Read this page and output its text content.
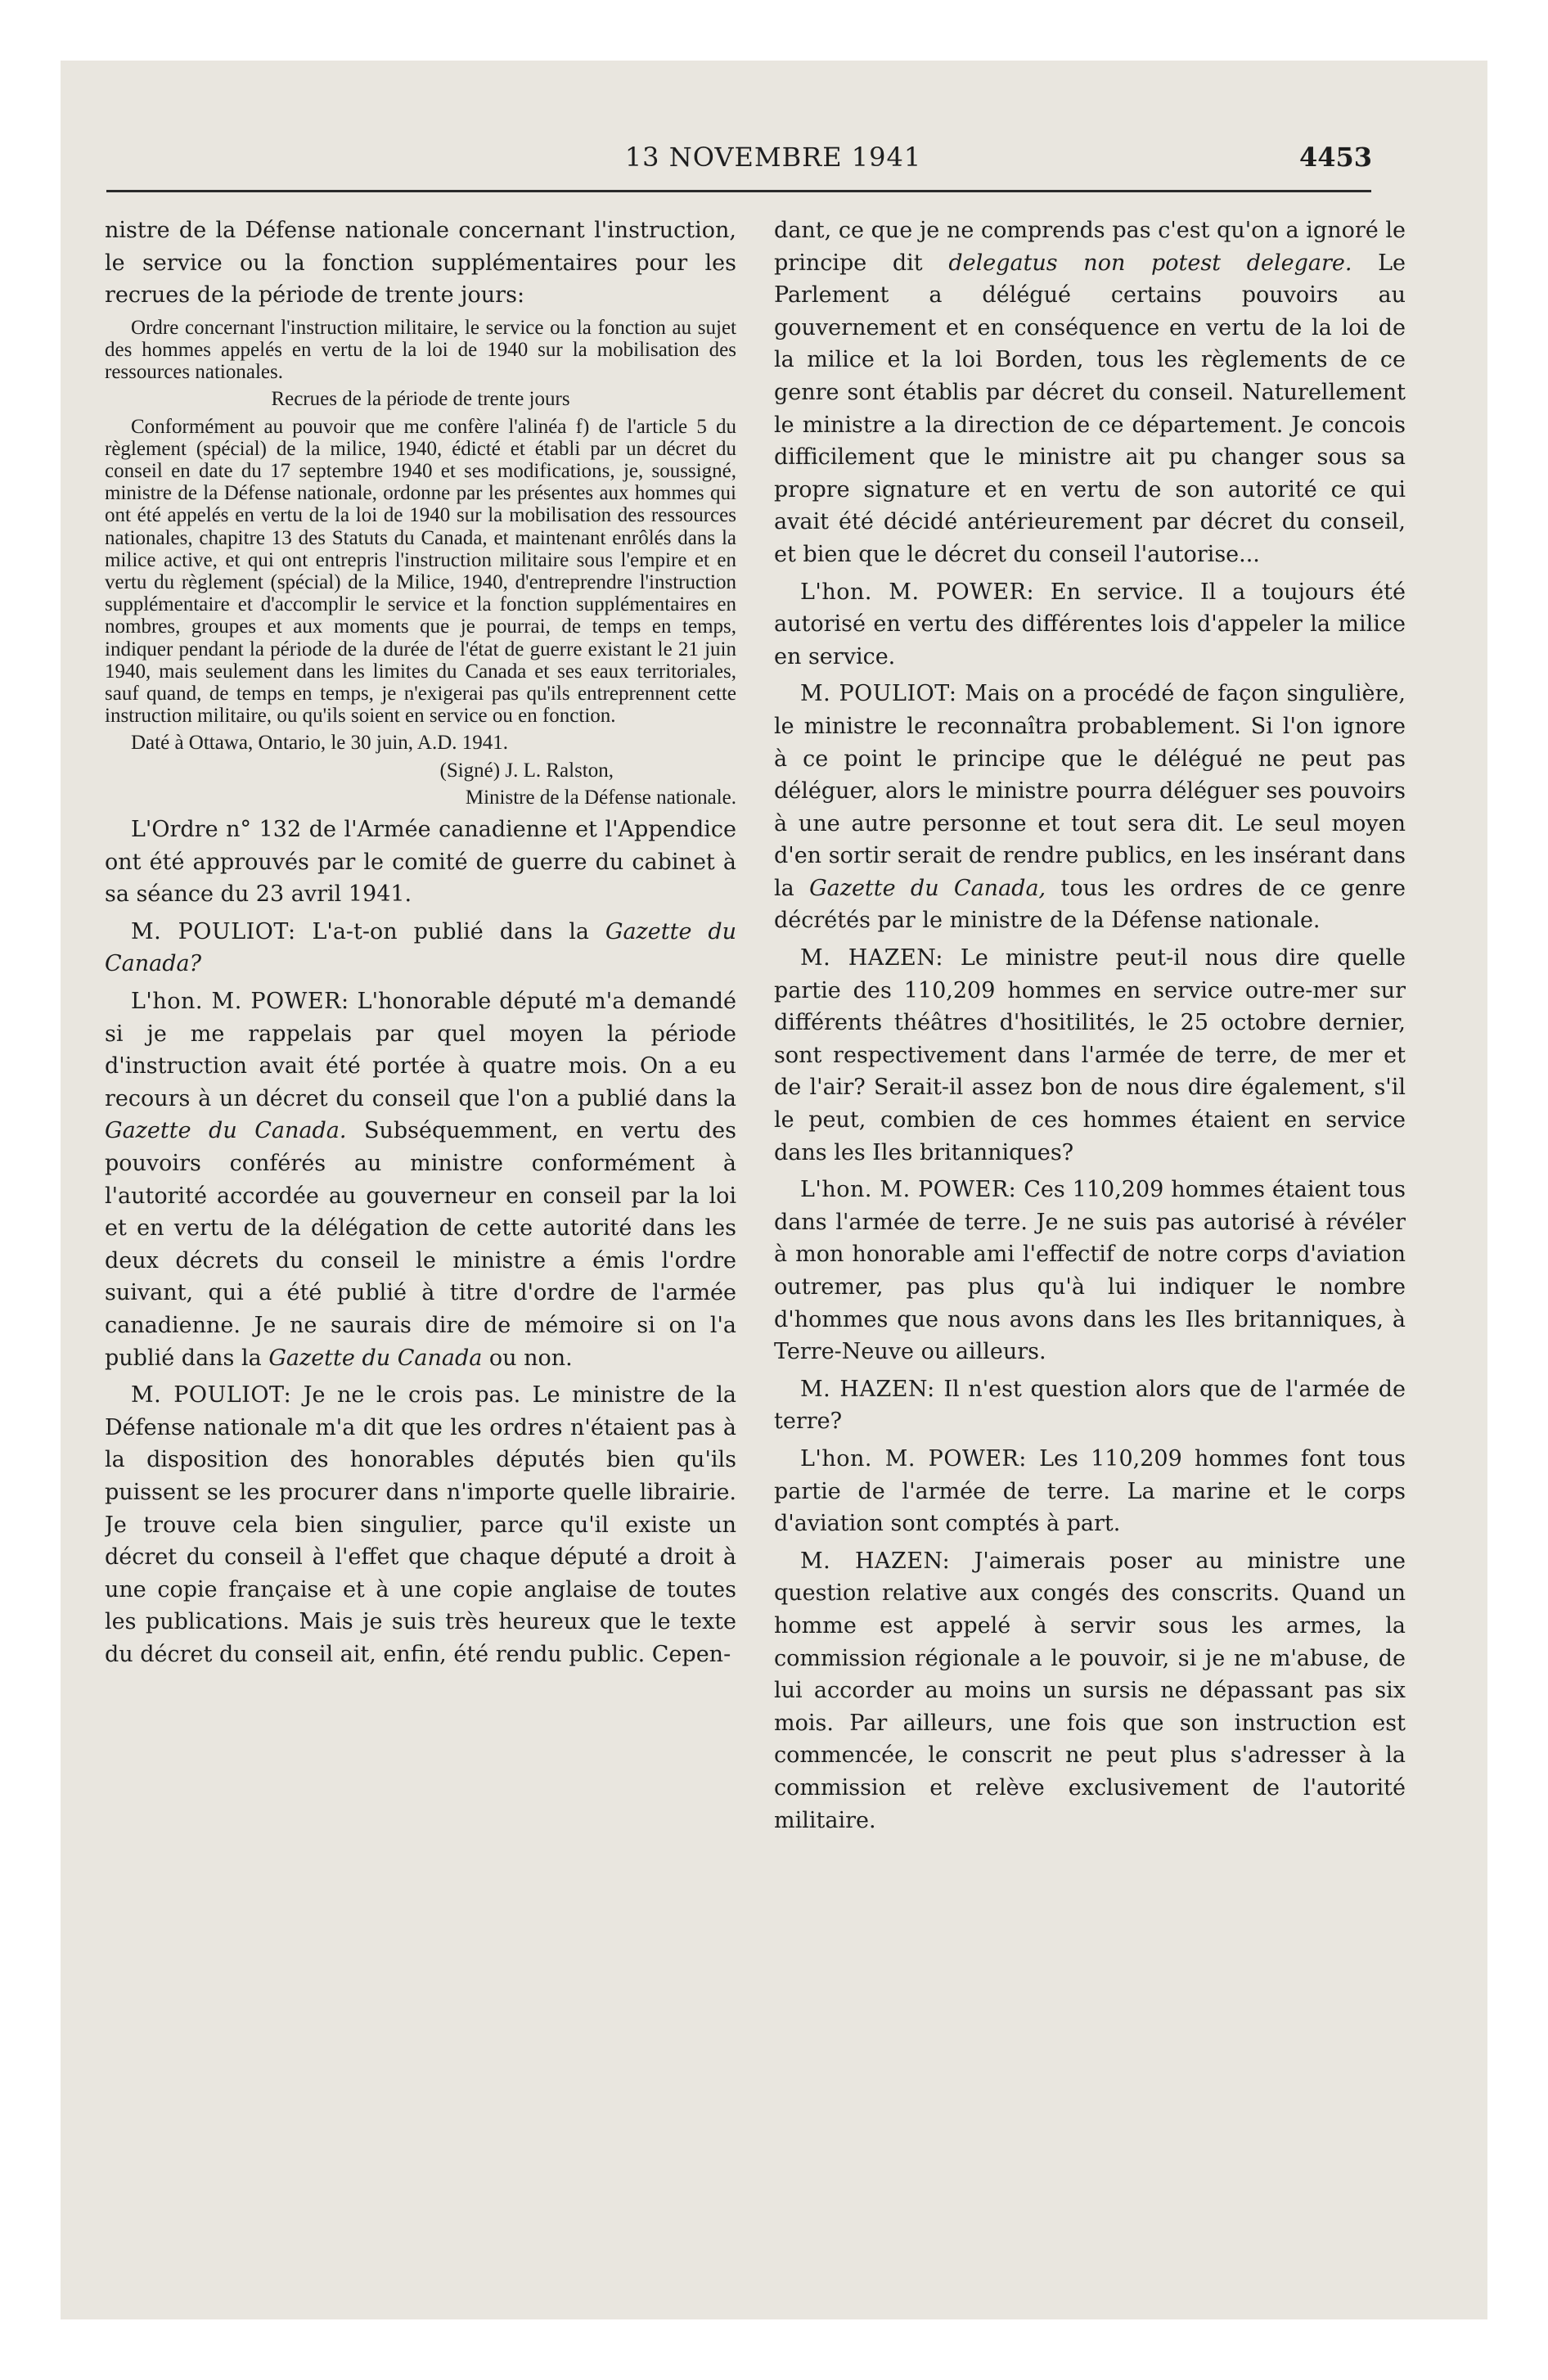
13 NOVEMBRE 1941	4453

nistre de la Défense nationale concernant l'instruction, le service ou la fonction supplémentaires pour les recrues de la période de trente jours:

Ordre concernant l'instruction militaire, le service ou la fonction au sujet des hommes appelés en vertu de la loi de 1940 sur la mobilisation des ressources nationales.

Recrues de la période de trente jours

Conformément au pouvoir que me confère l'alinéa f) de l'article 5 du règlement (spécial) de la milice, 1940, édicté et établi par un décret du conseil en date du 17 septembre 1940 et ses modifications, je, soussigné, ministre de la Défense nationale, ordonne par les présentes aux hommes qui ont été appelés en vertu de la loi de 1940 sur la mobilisation des ressources nationales, chapitre 13 des Statuts du Canada, et maintenant enrôlés dans la milice active, et qui ont entrepris l'instruction militaire sous l'empire et en vertu du règlement (spécial) de la Milice, 1940, d'entreprendre l'instruction supplémentaire et d'accomplir le service et la fonction supplémentaires en nombres, groupes et aux moments que je pourrai, de temps en temps, indiquer pendant la période de la durée de l'état de guerre existant le 21 juin 1940, mais seulement dans les limites du Canada et ses eaux territoriales, sauf quand, de temps en temps, je n'exigerai pas qu'ils entreprennent cette instruction militaire, ou qu'ils soient en service ou en fonction.

Daté à Ottawa, Ontario, le 30 juin, A.D. 1941.

(Signé) J. L. Ralston,

Ministre de la Défense nationale.

L'Ordre n° 132 de l'Armée canadienne et l'Appendice ont été approuvés par le comité de guerre du cabinet à sa séance du 23 avril 1941.

M. POULIOT: L'a-t-on publié dans la Gazette du Canada?

L'hon. M. POWER: L'honorable député m'a demandé si je me rappelais par quel moyen la période d'instruction avait été portée à quatre mois. On a eu recours à un décret du conseil que l'on a publié dans la Gazette du Canada. Subséquemment, en vertu des pouvoirs conférés au ministre conformément à l'autorité accordée au gouverneur en conseil par la loi et en vertu de la délégation de cette autorité dans les deux décrets du conseil le ministre a émis l'ordre suivant, qui a été publié à titre d'ordre de l'armée canadienne. Je ne saurais dire de mémoire si on l'a publié dans la Gazette du Canada ou non.

M. POULIOT: Je ne le crois pas. Le ministre de la Défense nationale m'a dit que les ordres n'étaient pas à la disposition des honorables députés bien qu'ils puissent se les procurer dans n'importe quelle librairie. Je trouve cela bien singulier, parce qu'il existe un décret du conseil à l'effet que chaque député a droit à une copie française et à une copie anglaise de toutes les publications. Mais je suis très heureux que le texte du décret du conseil ait, enfin, été rendu public. Cepen-

dant, ce que je ne comprends pas c'est qu'on a ignoré le principe dit delegatus non potest delegare. Le Parlement a délégué certains pouvoirs au gouvernement et en conséquence en vertu de la loi de la milice et la loi Borden, tous les règlements de ce genre sont établis par décret du conseil. Naturellement le ministre a la direction de ce département. Je concois difficilement que le ministre ait pu changer sous sa propre signature et en vertu de son autorité ce qui avait été décidé antérieurement par décret du conseil, et bien que le décret du conseil l'autorise...

L'hon. M. POWER: En service. Il a toujours été autorisé en vertu des différentes lois d'appeler la milice en service.

M. POULIOT: Mais on a procédé de façon singulière, le ministre le reconnaîtra probablement. Si l'on ignore à ce point le principe que le délégué ne peut pas déléguer, alors le ministre pourra déléguer ses pouvoirs à une autre personne et tout sera dit. Le seul moyen d'en sortir serait de rendre publics, en les insérant dans la Gazette du Canada, tous les ordres de ce genre décrétés par le ministre de la Défense nationale.

M. HAZEN: Le ministre peut-il nous dire quelle partie des 110,209 hommes en service outre-mer sur différents théâtres d'hositilités, le 25 octobre dernier, sont respectivement dans l'armée de terre, de mer et de l'air? Serait-il assez bon de nous dire également, s'il le peut, combien de ces hommes étaient en service dans les Iles britanniques?

L'hon. M. POWER: Ces 110,209 hommes étaient tous dans l'armée de terre. Je ne suis pas autorisé à révéler à mon honorable ami l'effectif de notre corps d'aviation outremer, pas plus qu'à lui indiquer le nombre d'hommes que nous avons dans les Iles britanniques, à Terre-Neuve ou ailleurs.

M. HAZEN: Il n'est question alors que de l'armée de terre?

L'hon. M. POWER: Les 110,209 hommes font tous partie de l'armée de terre. La marine et le corps d'aviation sont comptés à part.

M. HAZEN: J'aimerais poser au ministre une question relative aux congés des conscrits. Quand un homme est appelé à servir sous les armes, la commission régionale a le pouvoir, si je ne m'abuse, de lui accorder au moins un sursis ne dépassant pas six mois. Par ailleurs, une fois que son instruction est commencée, le conscrit ne peut plus s'adresser à la commission et relève exclusivement de l'autorité militaire.
